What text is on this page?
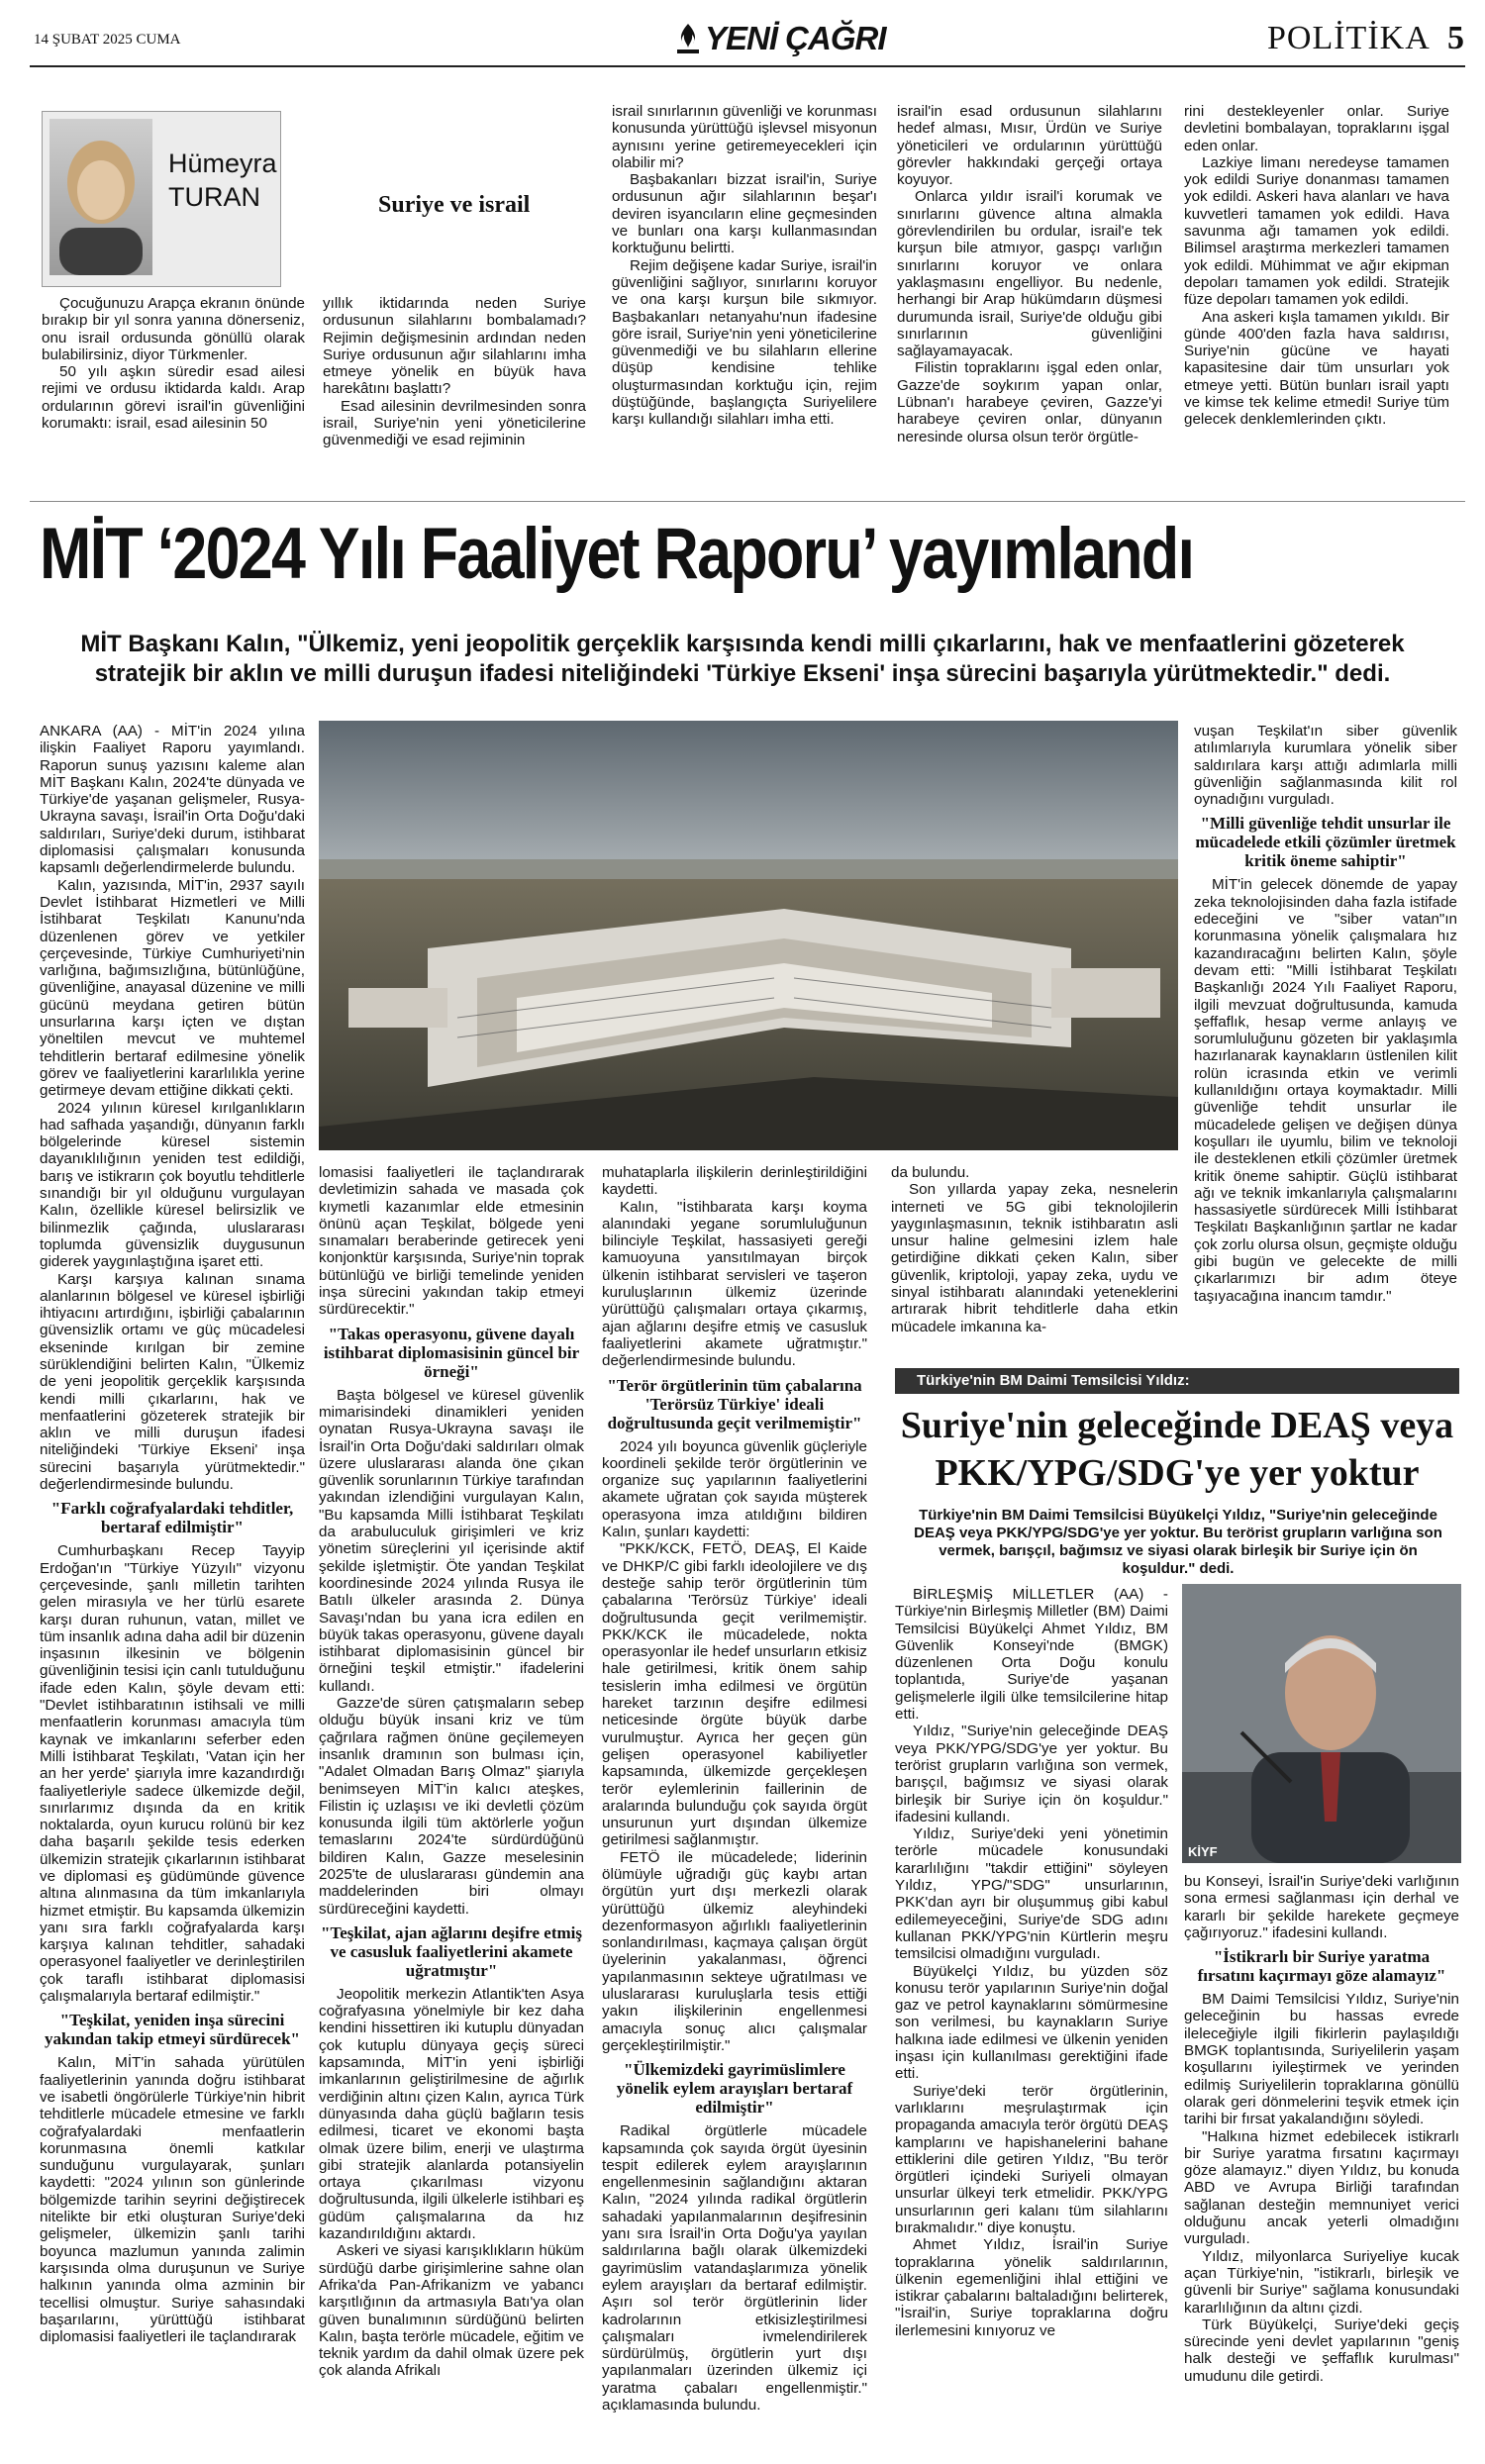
14 ŞUBAT 2025 CUMA	YENİ ÇAĞRI	POLİTİKA 5
Hümeyra
TURAN	Suriye ve israil

Çocuğunuzu Arapça ekranın önünde bırakıp bir yıl sonra yanına dönerseniz, onu israil ordusunda gönüllü olarak bulabilirsiniz, diyor Türkmenler.

50 yılı aşkın süredir esad ailesi rejimi ve ordusu iktidarda kaldı. Arap ordularının görevi israil'in güvenliğini korumaktı: israil, esad ailesinin 50

yıllık iktidarında neden Suriye ordusunun silahlarını bombalamadı? Rejimin değişmesinin ardından neden Suriye ordusunun ağır silahlarını imha etmeye yönelik en büyük hava harekâtını başlattı?

Esad ailesinin devrilmesinden sonra israil, Suriye'nin yeni yöneticilerine güvenmediği ve esad rejiminin

israil sınırlarının güvenliği ve korunması konusunda yürüttüğü işlevsel misyonun aynısını yerine getiremeyecekleri için olabilir mi?

Başbakanları bizzat israil'in, Suriye ordusunun ağır silahlarının beşar'ı deviren isyancıların eline geçmesinden ve bunları ona karşı kullanmasından korktuğunu belirtti.

Rejim değişene kadar Suriye, israil'in güvenliğini sağlıyor, sınırlarını koruyor ve ona karşı kurşun bile sıkmıyor. Başbakanları netanyahu'nun ifadesine göre israil, Suriye'nin yeni yöneticilerine güvenmediği ve bu silahların ellerine düşüp kendisine tehlike oluşturmasından korktuğu için, rejim düştüğünde, başlangıçta Suriyelilere karşı kullandığı silahları imha etti.

israil'in esad ordusunun silahlarını hedef alması, Mısır, Ürdün ve Suriye yöneticileri ve ordularının yürüttüğü görevler hakkındaki gerçeği ortaya koyuyor.

Onlarca yıldır israil'i korumak ve sınırlarını güvence altına almakla görevlendirilen bu ordular, israil'e tek kurşun bile atmıyor, gaspçı varlığın sınırlarını koruyor ve onlara yaklaşmasını engelliyor. Bu nedenle, herhangi bir Arap hükümdarın düşmesi durumunda israil, Suriye'de olduğu gibi sınırlarının güvenliğini sağlayamayacak.

Filistin topraklarını işgal eden onlar, Gazze'de soykırım yapan onlar, Lübnan'ı harabeye çeviren, Gazze'yi harabeye çeviren onlar, dünyanın neresinde olursa olsun terör örgütle-

rini destekleyenler onlar. Suriye devletini bombalayan, topraklarını işgal eden onlar.

Lazkiye limanı neredeyse tamamen yok edildi Suriye donanması tamamen yok edildi. Askeri hava alanları ve hava kuvvetleri tamamen yok edildi. Hava savunma ağı tamamen yok edildi. Bilimsel araştırma merkezleri tamamen yok edildi. Mühimmat ve ağır ekipman depoları tamamen yok edildi. Stratejik füze depoları tamamen yok edildi.

Ana askeri kışla tamamen yıkıldı. Bir günde 400'den fazla hava saldırısı, Suriye'nin gücüne ve hayati kapasitesine dair tüm unsurları yok etmeye yetti. Bütün bunları israil yaptı ve kimse tek kelime etmedi! Suriye tüm gelecek denklemlerinden çıktı.

MİT ‘2024 Yılı Faaliyet Raporu’ yayımlandı
MİT Başkanı Kalın, "Ülkemiz, yeni jeopolitik gerçeklik karşısında kendi milli çıkarlarını, hak ve menfaatlerini gözeterek stratejik bir aklın ve milli duruşun ifadesi niteliğindeki 'Türkiye Ekseni' inşa sürecini başarıyla yürütmektedir." dedi.

ANKARA (AA) - MİT'in 2024 yılına ilişkin Faaliyet Raporu yayımlandı. Raporun sunuş yazısını kaleme alan MİT Başkanı Kalın, 2024'te dünyada ve Türkiye'de yaşanan gelişmeler, Rusya-Ukrayna savaşı, İsrail'in Orta Doğu'daki saldırıları, Suriye'deki durum, istihbarat diplomasisi çalışmaları konusunda kapsamlı değerlendirmelerde bulundu.

Kalın, yazısında, MİT'in, 2937 sayılı Devlet İstihbarat Hizmetleri ve Milli İstihbarat Teşkilatı Kanunu'nda düzenlenen görev ve yetkiler çerçevesinde, Türkiye Cumhuriyeti'nin varlığına, bağımsızlığına, bütünlüğüne, güvenliğine, anayasal düzenine ve milli gücünü meydana getiren bütün unsurlarına karşı içten ve dıştan yöneltilen mevcut ve muhtemel tehditlerin bertaraf edilmesine yönelik görev ve faaliyetlerini kararlılıkla yerine getirmeye devam ettiğine dikkati çekti.

2024 yılının küresel kırılganlıkların had safhada yaşandığı, dünyanın farklı bölgelerinde küresel sistemin dayanıklılığının yeniden test edildiği, barış ve istikrarın çok boyutlu tehditlerle sınandığı bir yıl olduğunu vurgulayan Kalın, özellikle küresel belirsizlik ve bilinmezlik çağında, uluslararası toplumda güvensizlik duygusunun giderek yaygınlaştığına işaret etti.

Karşı karşıya kalınan sınama alanlarının bölgesel ve küresel işbirliği ihtiyacını artırdığını, işbirliği çabalarının güvensizlik ortamı ve güç mücadelesi ekseninde kırılgan bir zemine sürüklendiğini belirten Kalın, "Ülkemiz de yeni jeopolitik gerçeklik karşısında kendi milli çıkarlarını, hak ve menfaatlerini gözeterek stratejik bir aklın ve milli duruşun ifadesi niteliğindeki 'Türkiye Ekseni' inşa sürecini başarıyla yürütmektedir." değerlendirmesinde bulundu.

"Farklı coğrafyalardaki tehditler, bertaraf edilmiştir"

Cumhurbaşkanı Recep Tayyip Erdoğan'ın "Türkiye Yüzyılı" vizyonu çerçevesinde, şanlı milletin tarihten gelen mirasıyla ve her türlü esarete karşı duran ruhunun, vatan, millet ve tüm insanlık adına daha adil bir düzenin inşasının ilkesinin ve bölgenin güvenliğinin tesisi için canlı tutulduğunu ifade eden Kalın, şöyle devam etti: "Devlet istihbaratının istihsali ve milli menfaatlerin korunması amacıyla tüm kaynak ve imkanlarını seferber eden Milli İstihbarat Teşkilatı, 'Vatan için her an her yerde' şiarıyla imre kazandırdığı faaliyetleriyle sadece ülkemizde değil, sınırlarımız dışında da en kritik noktalarda, oyun kurucu rolünü bir kez daha başarılı şekilde tesis ederken ülkemizin stratejik çıkarlarının istihbarat ve diplomasi eş güdümünde güvence altına alınmasına da tüm imkanlarıyla hizmet etmiştir. Bu kapsamda ülkemizin yanı sıra farklı coğrafyalarda karşı karşıya kalınan tehditler, sahadaki operasyonel faaliyetler ve derinleştirilen çok taraflı istihbarat diplomasisi çalışmalarıyla bertaraf edilmiştir."

"Teşkilat, yeniden inşa sürecini yakından takip etmeyi sürdürecek"

Kalın, MİT'in sahada yürütülen faaliyetlerinin yanında doğru istihbarat ve isabetli öngörülerle Türkiye'nin hibrit tehditlerle mücadele etmesine ve farklı coğrafyalardaki menfaatlerin korunmasına önemli katkılar sunduğunu vurgulayarak, şunları kaydetti: "2024 yılının son günlerinde bölgemizde tarihin seyrini değiştirecek nitelikte bir etki oluşturan Suriye'deki gelişmeler, ülkemizin şanlı tarihi boyunca mazlumun yanında zalimin karşısında olma duruşunun ve Suriye halkının yanında olma azminin bir tecellisi olmuştur. Suriye sahasındaki başarılarını, yürüttüğü istihbarat diplomasisi faaliyetleri ile taçlandırarak

lomasisi faaliyetleri ile taçlandırarak devletimizin sahada ve masada çok kıymetli kazanımlar elde etmesinin önünü açan Teşkilat, bölgede yeni sınamaları beraberinde getirecek yeni konjonktür karşısında, Suriye'nin toprak bütünlüğü ve birliği temelinde yeniden inşa sürecini yakından takip etmeyi sürdürecektir."

"Takas operasyonu, güvene dayalı istihbarat diplomasisinin güncel bir örneği"

Başta bölgesel ve küresel güvenlik mimarisindeki dinamikleri yeniden oynatan Rusya-Ukrayna savaşı ile İsrail'in Orta Doğu'daki saldırıları olmak üzere uluslararası alanda öne çıkan güvenlik sorunlarının Türkiye tarafından yakından izlendiğini vurgulayan Kalın, "Bu kapsamda Milli İstihbarat Teşkilatı da arabuluculuk girişimleri ve kriz yönetim süreçlerini yıl içerisinde aktif şekilde işletmiştir. Öte yandan Teşkilat koordinesinde 2024 yılında Rusya ile Batılı ülkeler arasında 2. Dünya Savaşı'ndan bu yana icra edilen en büyük takas operasyonu, güvene dayalı istihbarat diplomasisinin güncel bir örneğini teşkil etmiştir." ifadelerini kullandı.

Gazze'de süren çatışmaların sebep olduğu büyük insani kriz ve tüm çağrılara rağmen önüne geçilemeyen insanlık dramının son bulması için, "Adalet Olmadan Barış Olmaz" şiarıyla benimseyen MİT'in kalıcı ateşkes, Filistin iç uzlaşısı ve iki devletli çözüm konusunda ilgili tüm aktörlerle yoğun temaslarını 2024'te sürdürdüğünü bildiren Kalın, Gazze meselesinin 2025'te de uluslararası gündemin ana maddelerinden biri olmayı sürdüreceğini kaydetti.

"Teşkilat, ajan ağlarını deşifre etmiş ve casusluk faaliyetlerini akamete uğratmıştır"

Jeopolitik merkezin Atlantik'ten Asya coğrafyasına yönelmiyle bir kez daha kendini hissettiren iki kutuplu dünyadan çok kutuplu dünyaya geçiş süreci kapsamında, MİT'in yeni işbirliği imkanlarının geliştirilmesine de ağırlık verdiğinin altını çizen Kalın, ayrıca Türk dünyasında daha güçlü bağların tesis edilmesi, ticaret ve ekonomi başta olmak üzere bilim, enerji ve ulaştırma gibi stratejik alanlarda potansiyelin ortaya çıkarılması vizyonu doğrultusunda, ilgili ülkelerle istihbari eş güdüm çalışmalarına da hız kazandırıldığını aktardı.

Askeri ve siyasi karışıklıkların hüküm sürdüğü darbe girişimlerine sahne olan Afrika'da Pan-Afrikanizm ve yabancı karşıtlığının da artmasıyla Batı'ya olan güven bunalımının sürdüğünü belirten Kalın, başta terörle mücadele, eğitim ve teknik yardım da dahil olmak üzere pek çok alanda Afrikalı

muhataplarla ilişkilerin derinleştirildiğini kaydetti.

Kalın, "İstihbarata karşı koyma alanındaki yegane sorumluluğunun bilinciyle Teşkilat, hassasiyeti gereği kamuoyuna yansıtılmayan birçok ülkenin istihbarat servisleri ve taşeron kuruluşlarının ülkemiz üzerinde yürüttüğü çalışmaları ortaya çıkarmış, ajan ağlarını deşifre etmiş ve casusluk faaliyetlerini akamete uğratmıştır." değerlendirmesinde bulundu.

"Terör örgütlerinin tüm çabalarına 'Terörsüz Türkiye' ideali doğrultusunda geçit verilmemiştir"

2024 yılı boyunca güvenlik güçleriyle koordineli şekilde terör örgütlerinin ve organize suç yapılarının faaliyetlerini akamete uğratan çok sayıda müşterek operasyona imza atıldığını bildiren Kalın, şunları kaydetti:

"PKK/KCK, FETÖ, DEAŞ, El Kaide ve DHKP/C gibi farklı ideolojilere ve dış desteğe sahip terör örgütlerinin tüm çabalarına 'Terörsüz Türkiye' ideali doğrultusunda geçit verilmemiştir. PKK/KCK ile mücadelede, nokta operasyonlar ile hedef unsurların etkisiz hale getirilmesi, kritik önem sahip tesislerin imha edilmesi ve örgütün hareket tarzının deşifre edilmesi neticesinde örgüte büyük darbe vurulmuştur. Ayrıca her geçen gün gelişen operasyonel kabiliyetler kapsamında, ülkemizde gerçekleşen terör eylemlerinin faillerinin de aralarında bulunduğu çok sayıda örgüt unsurunun yurt dışından ülkemize getirilmesi sağlanmıştır.

FETÖ ile mücadelede; liderinin ölümüyle uğradığı güç kaybı artan örgütün yurt dışı merkezli olarak yürüttüğü ülkemiz aleyhindeki dezenformasyon ağırlıklı faaliyetlerinin sonlandırılması, kaçmaya çalışan örgüt üyelerinin yakalanması, öğrenci yapılanmasının sekteye uğratılması ve uluslararası kuruluşlarla tesis ettiği yakın ilişkilerinin engellenmesi amacıyla sonuç alıcı çalışmalar gerçekleştirilmiştir."

"Ülkemizdeki gayrimüslimlere yönelik eylem arayışları bertaraf edilmiştir"

Radikal örgütlerle mücadele kapsamında çok sayıda örgüt üyesinin tespit edilerek eylem arayışlarının engellenmesinin sağlandığını aktaran Kalın, "2024 yılında radikal örgütlerin sahadaki yapılanmalarının deşifresinin yanı sıra İsrail'in Orta Doğu'ya yayılan saldırılarına bağlı olarak ülkemizdeki gayrimüslim vatandaşlarımıza yönelik eylem arayışları da bertaraf edilmiştir. Aşırı sol terör örgütlerinin lider kadrolarının etkisizleştirilmesi çalışmaları ivmelendirilerek sürdürülmüş, örgütlerin yurt dışı yapılanmaları üzerinden ülkemiz içi yaratma çabaları engellenmiştir." açıklamasında bulundu.

da bulundu.

Son yıllarda yapay zeka, nesnelerin interneti ve 5G gibi teknolojilerin yaygınlaşmasının, teknik istihbaratın asli unsur haline gelmesini izlem hale getirdiğine dikkati çeken Kalın, siber güvenlik, kriptoloji, yapay zeka, uydu ve sinyal istihbaratı alanındaki yeteneklerini artırarak hibrit tehditlerle daha etkin mücadele imkanına ka-

vuşan Teşkilat'ın siber güvenlik atılımlarıyla kurumlara yönelik siber saldırılara karşı attığı adımlarla milli güvenliğin sağlanmasında kilit rol oynadığını vurguladı.

"Milli güvenliğe tehdit unsurlar ile mücadelede etkili çözümler üretmek kritik öneme sahiptir"

MİT'in gelecek dönemde de yapay zeka teknolojisinden daha fazla istifade edeceğini ve "siber vatan"ın korunmasına yönelik çalışmalara hız kazandıracağını belirten Kalın, şöyle devam etti: "Milli İstihbarat Teşkilatı Başkanlığı 2024 Yılı Faaliyet Raporu, ilgili mevzuat doğrultusunda, kamuda şeffaflık, hesap verme anlayış ve sorumluluğunu gözeten bir yaklaşımla hazırlanarak kaynakların üstlenilen kilit rolün icrasında etkin ve verimli kullanıldığını ortaya koymaktadır. Milli güvenliğe tehdit unsurlar ile mücadelede gelişen ve değişen dünya koşulları ile uyumlu, bilim ve teknoloji ile desteklenen etkili çözümler üretmek kritik öneme sahiptir. Güçlü istihbarat ağı ve teknik imkanlarıyla çalışmalarını hassasiyetle sürdürecek Milli İstihbarat Teşkilatı Başkanlığının şartlar ne kadar çok zorlu olursa olsun, geçmişte olduğu gibi bugün ve gelecekte de milli çıkarlarımızı bir adım öteye taşıyacağına inancım tamdır."

Türkiye'nin BM Daimi Temsilcisi Yıldız:
Suriye'nin geleceğinde DEAŞ veya
PKK/YPG/SDG'ye yer yoktur
Türkiye'nin BM Daimi Temsilcisi Büyükelçi Yıldız, "Suriye'nin geleceğinde DEAŞ veya PKK/YPG/SDG'ye yer yoktur. Bu terörist grupların varlığına son vermek, barışçıl, bağımsız ve siyasi olarak birleşik bir Suriye için ön koşuldur." dedi.
KİYF

BİRLEŞMİŞ MİLLETLER (AA) - Türkiye'nin Birleşmiş Milletler (BM) Daimi Temsilcisi Büyükelçi Ahmet Yıldız, BM Güvenlik Konseyi'nde (BMGK) düzenlenen Orta Doğu konulu toplantıda, Suriye'de yaşanan gelişmelerle ilgili ülke temsilcilerine hitap etti.

Yıldız, "Suriye'nin geleceğinde DEAŞ veya PKK/YPG/SDG'ye yer yoktur. Bu terörist grupların varlığına son vermek, barışçıl, bağımsız ve siyasi olarak birleşik bir Suriye için ön koşuldur." ifadesini kullandı.

Yıldız, Suriye'deki yeni yönetimin terörle mücadele konusundaki kararlılığını "takdir ettiğini" söyleyen Yıldız, YPG/"SDG" unsurlarının, PKK'dan ayrı bir oluşummuş gibi kabul edilemeyeceğini, Suriye'de SDG adını kullanan PKK/YPG'nin Kürtlerin meşru temsilcisi olmadığını vurguladı.

Büyükelçi Yıldız, bu yüzden söz konusu terör yapılarının Suriye'nin doğal gaz ve petrol kaynaklarını sömürmesine son verilmesi, bu kaynakların Suriye halkına iade edilmesi ve ülkenin yeniden inşası için kullanılması gerektiğini ifade etti.

Suriye'deki terör örgütlerinin, varlıklarını meşrulaştırmak için propaganda amacıyla terör örgütü DEAŞ kamplarını ve hapishanelerini bahane ettiklerini dile getiren Yıldız, "Bu terör örgütleri içindeki Suriyeli olmayan unsurlar ülkeyi terk etmelidir. PKK/YPG unsurlarının geri kalanı tüm silahlarını bırakmalıdır." diye konuştu.

Ahmet Yıldız, İsrail'in Suriye topraklarına yönelik saldırılarının, ülkenin egemenliğini ihlal ettiğini ve istikrar çabalarını baltaladığını belirterek, "İsrail'in, Suriye topraklarına doğru ilerlemesini kınıyoruz ve

bu Konseyi, İsrail'in Suriye'deki varlığının sona ermesi sağlanması için derhal ve kararlı bir şekilde harekete geçmeye çağırıyoruz." ifadesini kullandı.

"İstikrarlı bir Suriye yaratma fırsatını kaçırmayı göze alamayız"

BM Daimi Temsilcisi Yıldız, Suriye'nin geleceğinin bu hassas evrede ileleceğiyle ilgili fikirlerin paylaşıldığı BMGK toplantısında, Suriyelilerin yaşam koşullarını iyileştirmek ve yerinden edilmiş Suriyelilerin topraklarına gönüllü olarak geri dönmelerini teşvik etmek için tarihi bir fırsat yakalandığını söyledi.

"Halkına hizmet edebilecek istikrarlı bir Suriye yaratma fırsatını kaçırmayı göze alamayız." diyen Yıldız, bu konuda ABD ve Avrupa Birliği tarafından sağlanan desteğin memnuniyet verici olduğunu ancak yeterli olmadığını vurguladı.

Yıldız, milyonlarca Suriyeliye kucak açan Türkiye'nin, "istikrarlı, birleşik ve güvenli bir Suriye" sağlama konusundaki kararlılığının da altını çizdi.

Türk Büyükelçi, Suriye'deki geçiş sürecinde yeni devlet yapılarının "geniş halk desteği ve şeffaflık kurulması" umudunu dile getirdi.
